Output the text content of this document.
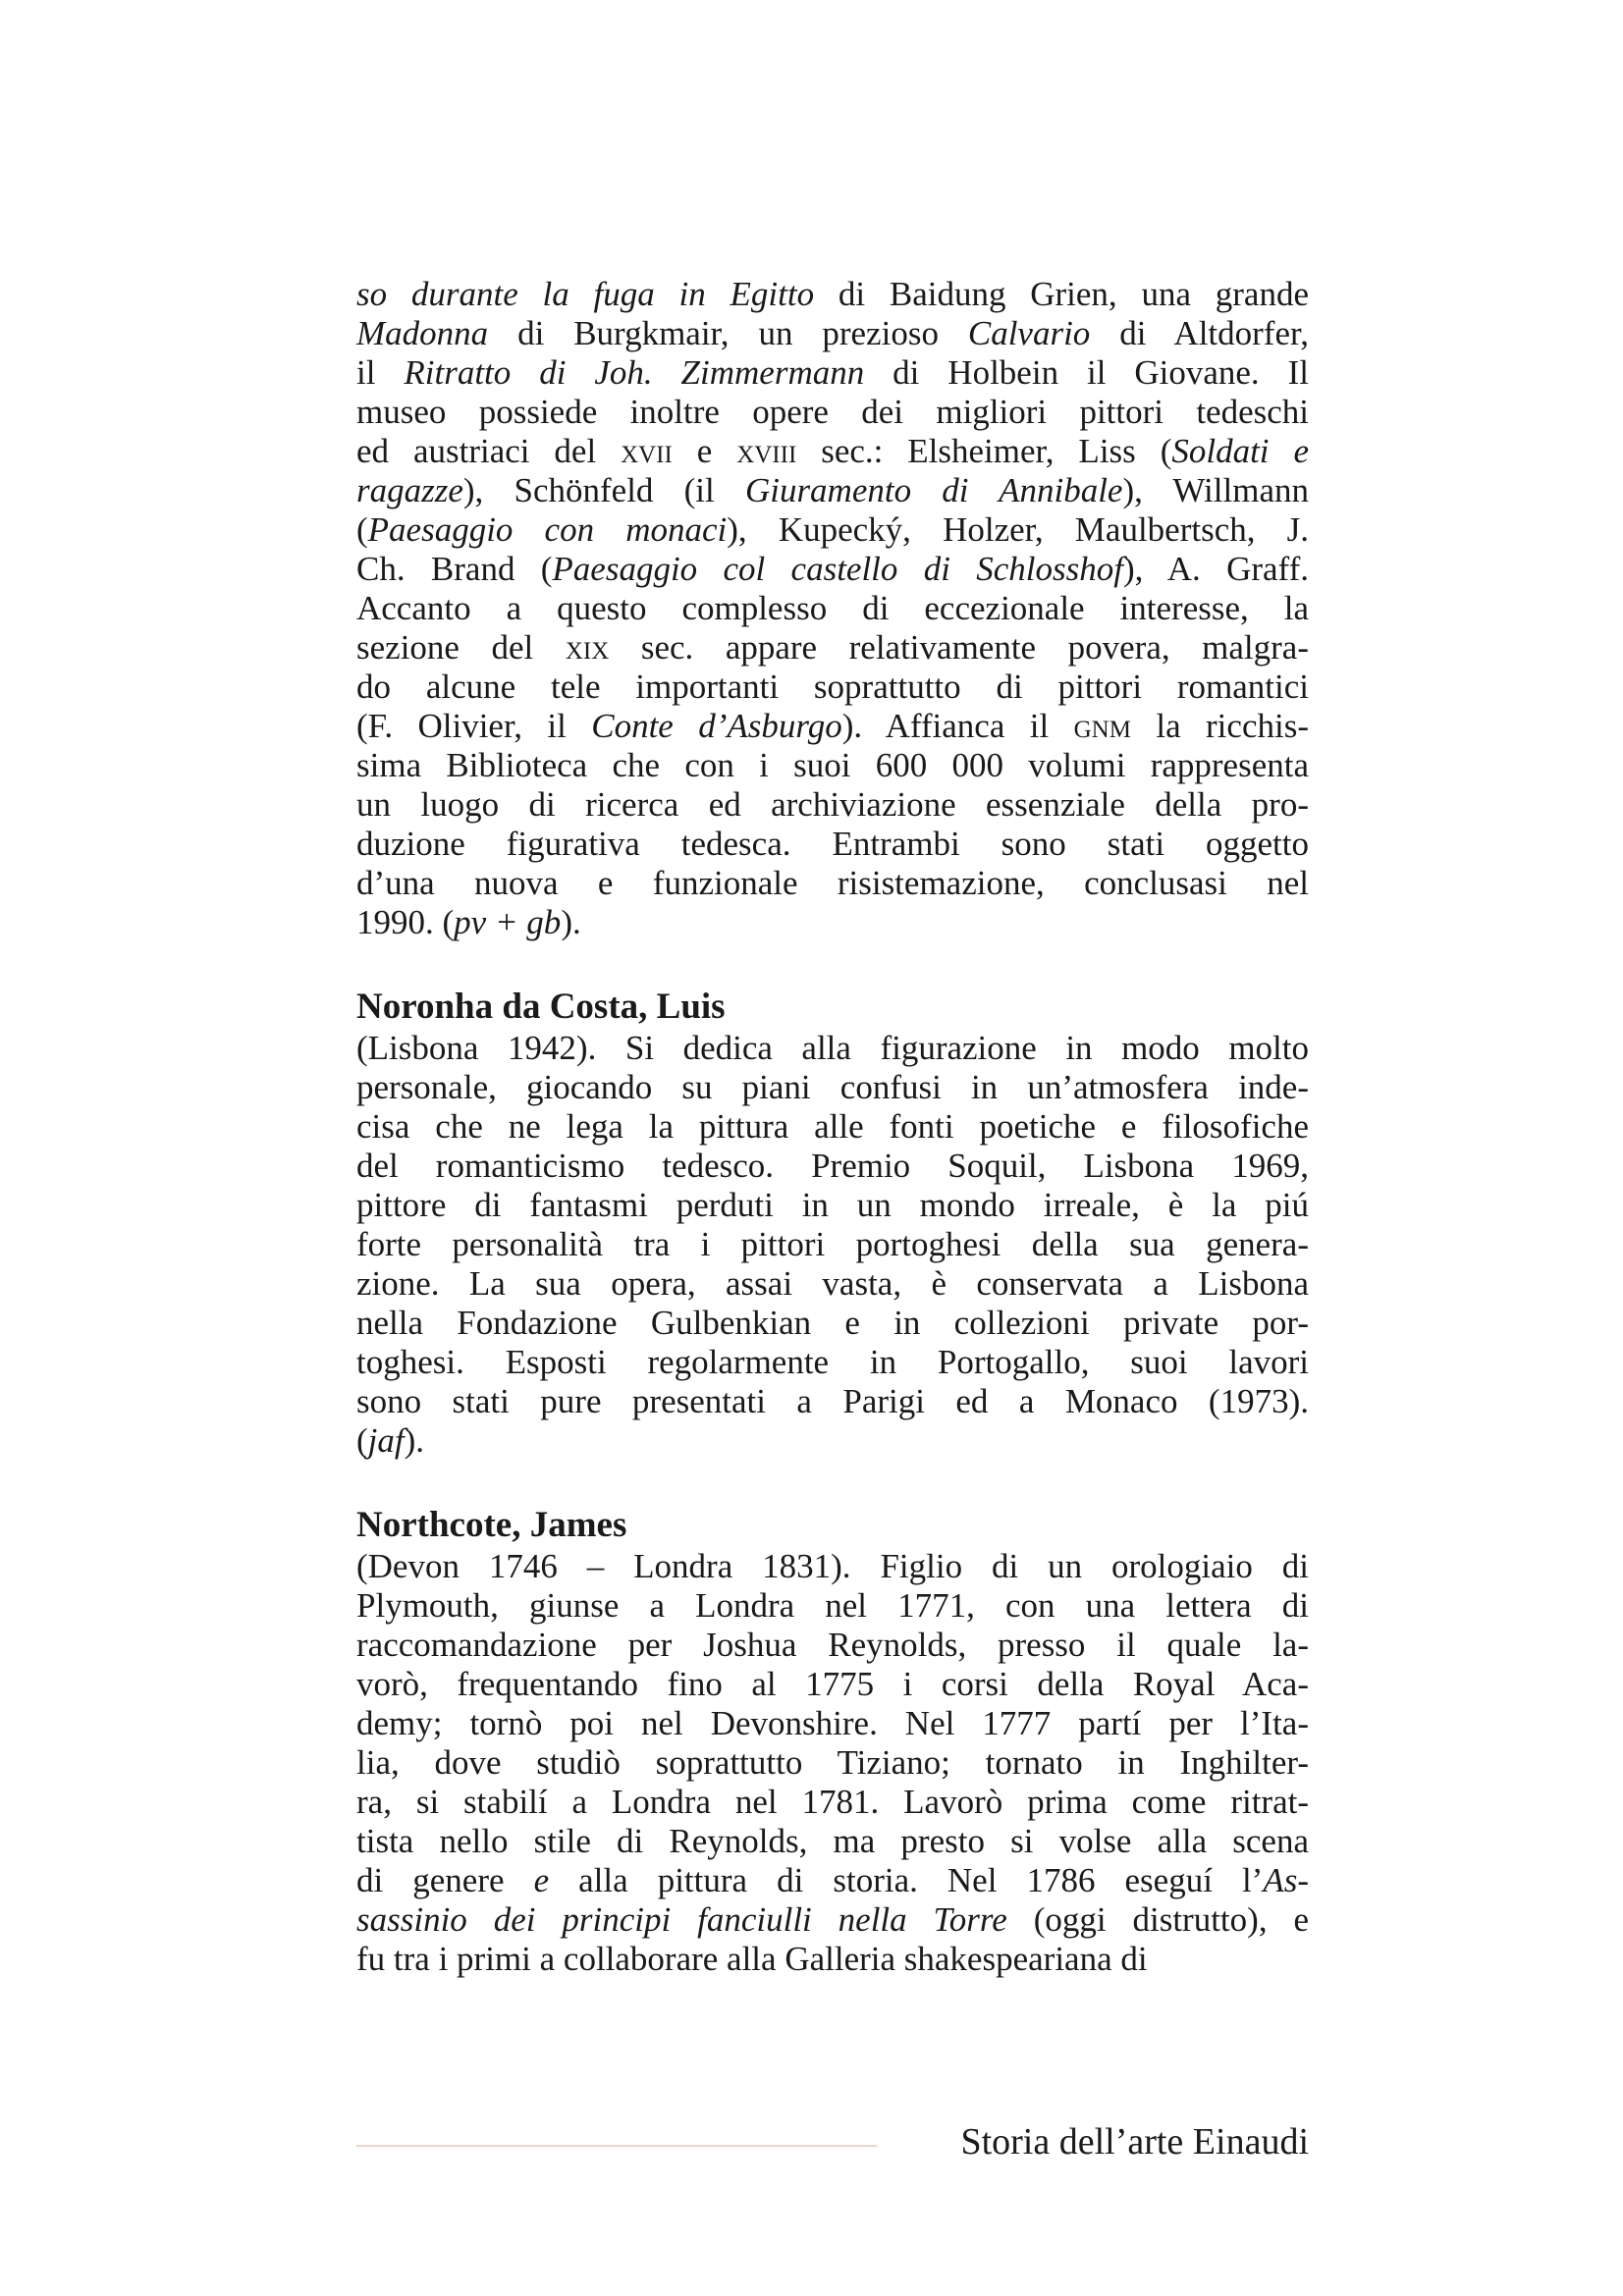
so durante la fuga in Egitto di Baidung Grien, una grande
Madonna di Burgkmair, un prezioso Calvario di Altdorfer,
il Ritratto di Joh. Zimmermann di Holbein il Giovane. Il
museo possiede inoltre opere dei migliori pittori tedeschi
ed austriaci del xvii e xviii sec.: Elsheimer, Liss (Soldati e
ragazze), Schönfeld (il Giuramento di Annibale), Willmann
(Paesaggio con monaci), Kupecký, Holzer, Maulbertsch, J.
Ch. Brand (Paesaggio col castello di Schlosshof), A. Graff.
Accanto a questo complesso di eccezionale interesse, la
sezione del xix sec. appare relativamente povera, malgra-
do alcune tele importanti soprattutto di pittori romantici
(F. Olivier, il Conte d’Asburgo). Affianca il gnm la ricchis-
sima Biblioteca che con i suoi 600 000 volumi rappresenta
un luogo di ricerca ed archiviazione essenziale della pro-
duzione figurativa tedesca. Entrambi sono stati oggetto
d’una nuova e funzionale risistemazione, conclusasi nel
1990. (pv + gb).
Noronha da Costa, Luis
(Lisbona 1942). Si dedica alla figurazione in modo molto
personale, giocando su piani confusi in un’atmosfera inde-
cisa che ne lega la pittura alle fonti poetiche e filosofiche
del romanticismo tedesco. Premio Soquil, Lisbona 1969,
pittore di fantasmi perduti in un mondo irreale, è la piú
forte personalità tra i pittori portoghesi della sua genera-
zione. La sua opera, assai vasta, è conservata a Lisbona
nella Fondazione Gulbenkian e in collezioni private por-
toghesi. Esposti regolarmente in Portogallo, suoi lavori
sono stati pure presentati a Parigi ed a Monaco (1973).
(jaf).
Northcote, James
(Devon 1746 – Londra 1831). Figlio di un orologiaio di
Plymouth, giunse a Londra nel 1771, con una lettera di
raccomandazione per Joshua Reynolds, presso il quale la-
vorò, frequentando fino al 1775 i corsi della Royal Aca-
demy; tornò poi nel Devonshire. Nel 1777 partí per l’Ita-
lia, dove studiò soprattutto Tiziano; tornato in Inghilter-
ra, si stabilí a Londra nel 1781. Lavorò prima come ritrat-
tista nello stile di Reynolds, ma presto si volse alla scena
di genere e alla pittura di storia. Nel 1786 eseguí l’As-
sassinio dei principi fanciulli nella Torre (oggi distrutto), e
fu tra i primi a collaborare alla Galleria shakespeariana di
Storia dell’arte Einaudi
